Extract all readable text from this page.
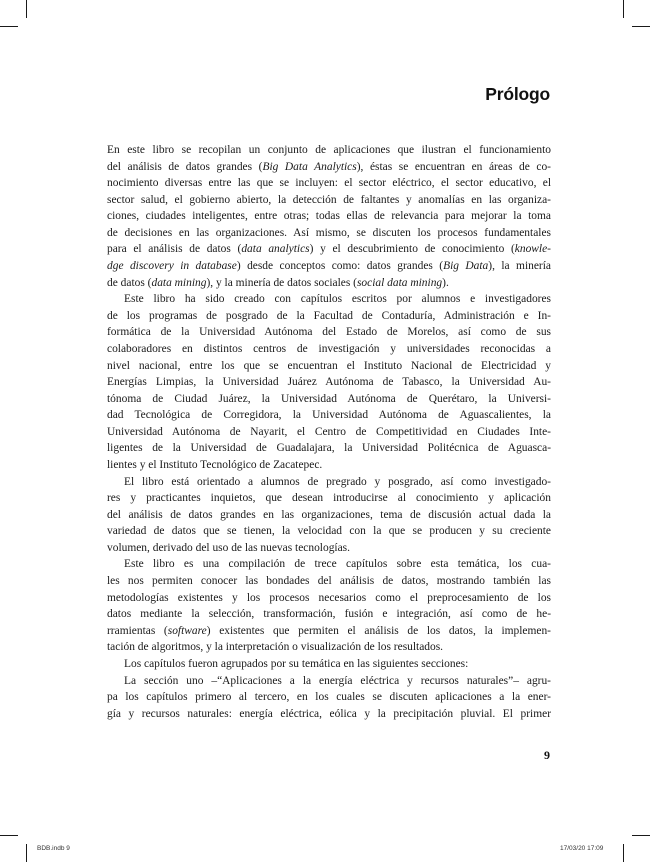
Prólogo
En este libro se recopilan un conjunto de aplicaciones que ilustran el funcionamiento
del análisis de datos grandes (Big Data Analytics), éstas se encuentran en áreas de co-
nocimiento diversas entre las que se incluyen: el sector eléctrico, el sector educativo, el
sector salud, el gobierno abierto, la detección de faltantes y anomalías en las organiza-
ciones, ciudades inteligentes, entre otras; todas ellas de relevancia para mejorar la toma
de decisiones en las organizaciones. Así mismo, se discuten los procesos fundamentales
para el análisis de datos (data analytics) y el descubrimiento de conocimiento (knowle-
dge discovery in database) desde conceptos como: datos grandes (Big Data), la minería
de datos (data mining), y la minería de datos sociales (social data mining).
Este libro ha sido creado con capítulos escritos por alumnos e investigadores
de los programas de posgrado de la Facultad de Contaduría, Administración e In-
formática de la Universidad Autónoma del Estado de Morelos, así como de sus
colaboradores en distintos centros de investigación y universidades reconocidas a
nivel nacional, entre los que se encuentran el Instituto Nacional de Electricidad y
Energías Limpias, la Universidad Juárez Autónoma de Tabasco, la Universidad Au-
tónoma de Ciudad Juárez, la Universidad Autónoma de Querétaro, la Universi-
dad Tecnológica de Corregidora, la Universidad Autónoma de Aguascalientes, la
Universidad Autónoma de Nayarit, el Centro de Competitividad en Ciudades Inte-
ligentes de la Universidad de Guadalajara, la Universidad Politécnica de Aguasca-
lientes y el Instituto Tecnológico de Zacatepec.
El libro está orientado a alumnos de pregrado y posgrado, así como investigado-
res y practicantes inquietos, que desean introducirse al conocimiento y aplicación
del análisis de datos grandes en las organizaciones, tema de discusión actual dada la
variedad de datos que se tienen, la velocidad con la que se producen y su creciente
volumen, derivado del uso de las nuevas tecnologías.
Este libro es una compilación de trece capítulos sobre esta temática, los cua-
les nos permiten conocer las bondades del análisis de datos, mostrando también las
metodologías existentes y los procesos necesarios como el preprocesamiento de los
datos mediante la selección, transformación, fusión e integración, así como de he-
rramientas (software) existentes que permiten el análisis de los datos, la implemen-
tación de algoritmos, y la interpretación o visualización de los resultados.
Los capítulos fueron agrupados por su temática en las siguientes secciones:
La sección uno –“Aplicaciones a la energía eléctrica y recursos naturales”– agru-
pa los capítulos primero al tercero, en los cuales se discuten aplicaciones a la ener-
gía y recursos naturales: energía eléctrica, eólica y la precipitación pluvial. El primer
9
BDB.indb 9	17/03/20 17:09
